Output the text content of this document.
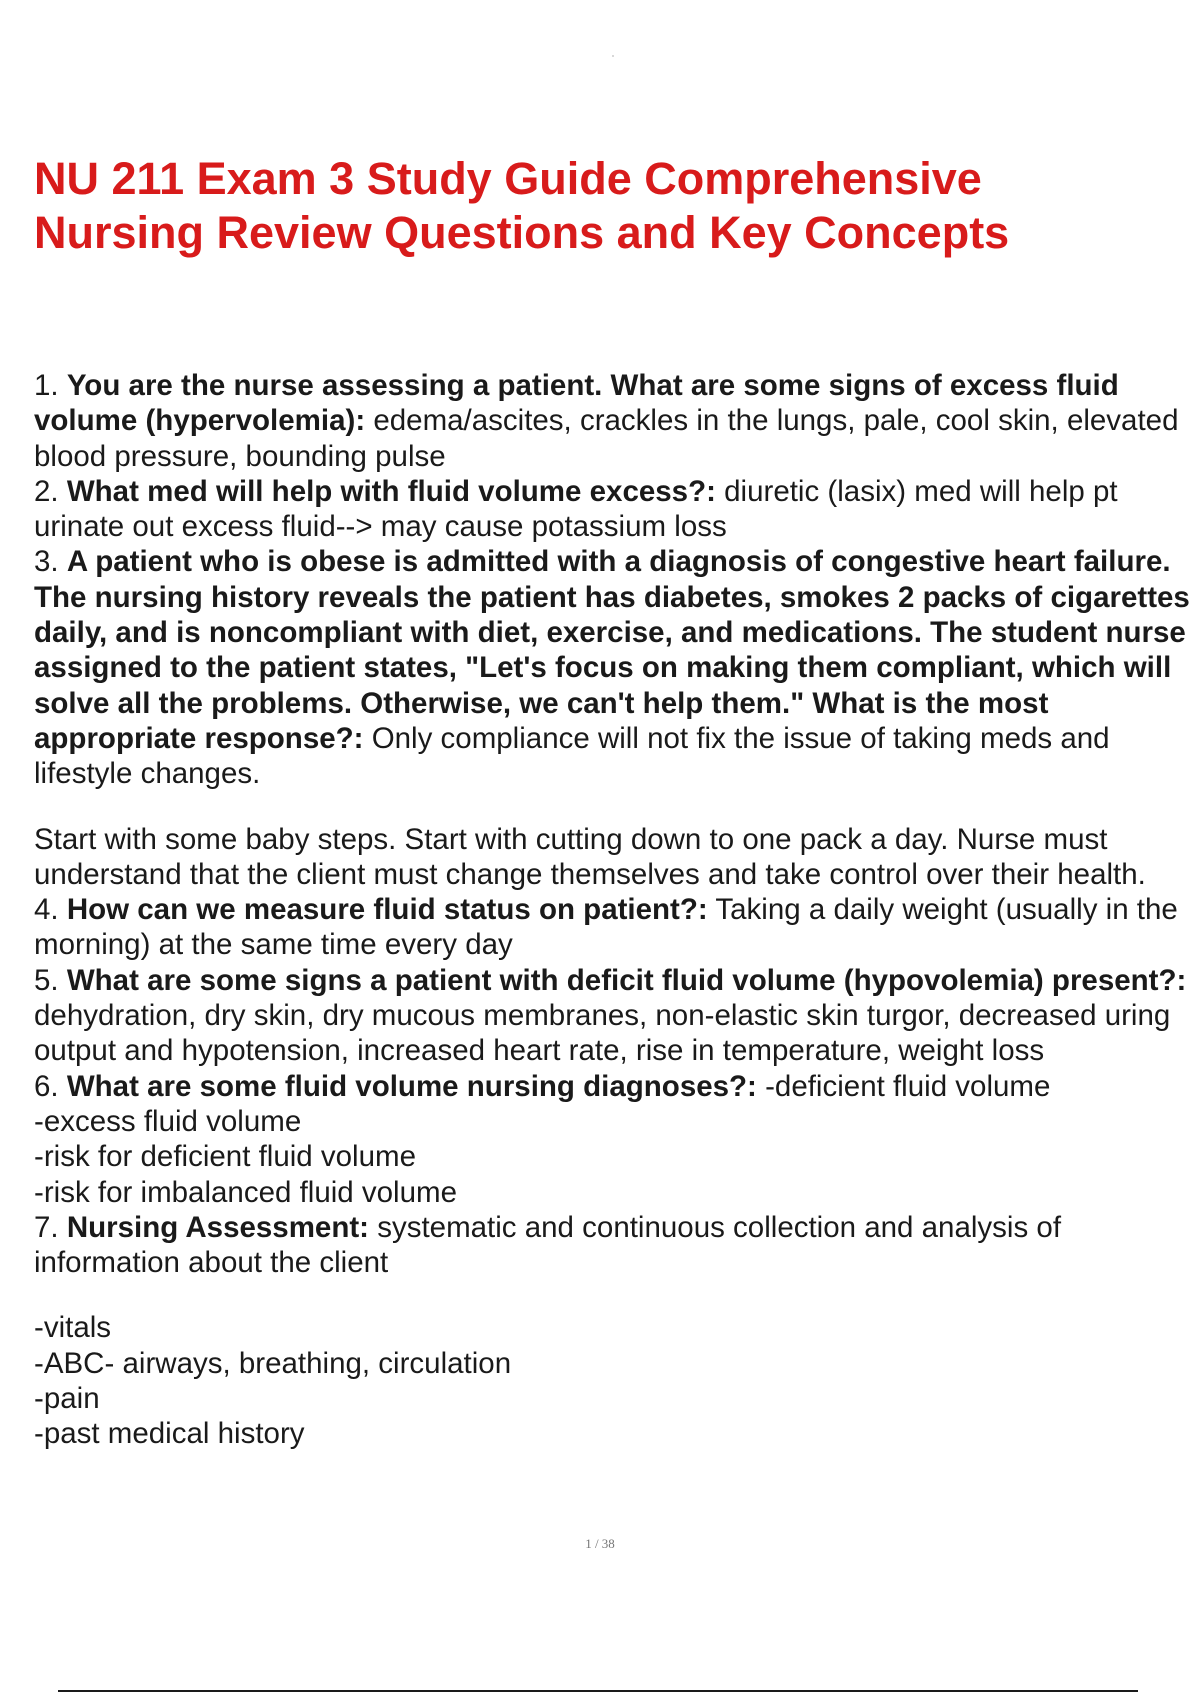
NU 211 Exam 3 Study Guide Comprehensive
Nursing Review Questions and Key Concepts

1. You are the nurse assessing a patient. What are some signs of excess fluid volume (hypervolemia): edema/ascites, crackles in the lungs, pale, cool skin, elevated blood pressure, bounding pulse

2. What med will help with fluid volume excess?: diuretic (lasix) med will help pt urinate out excess fluid--> may cause potassium loss

3. A patient who is obese is admitted with a diagnosis of congestive heart failure. The nursing history reveals the patient has diabetes, smokes 2 packs of cigarettes daily, and is noncompliant with diet, exercise, and medications. The student nurse assigned to the patient states, "Let's focus on making them compliant, which will solve all the problems. Otherwise, we can't help them." What is the most appropriate response?: Only compliance will not fix the issue of taking meds and lifestyle changes.

Start with some baby steps. Start with cutting down to one pack a day. Nurse must understand that the client must change themselves and take control over their health.

4. How can we measure fluid status on patient?: Taking a daily weight (usually in the morning) at the same time every day

5. What are some signs a patient with deficit fluid volume (hypovolemia) present?: dehydration, dry skin, dry mucous membranes, non-elastic skin turgor, decreased uring output and hypotension, increased heart rate, rise in temperature, weight loss

6. What are some fluid volume nursing diagnoses?: -deficient fluid volume

-excess fluid volume

-risk for deficient fluid volume

-risk for imbalanced fluid volume

7. Nursing Assessment: systematic and continuous collection and analysis of information about the client

-vitals

-ABC- airways, breathing, circulation

-pain

-past medical history

1 / 38
